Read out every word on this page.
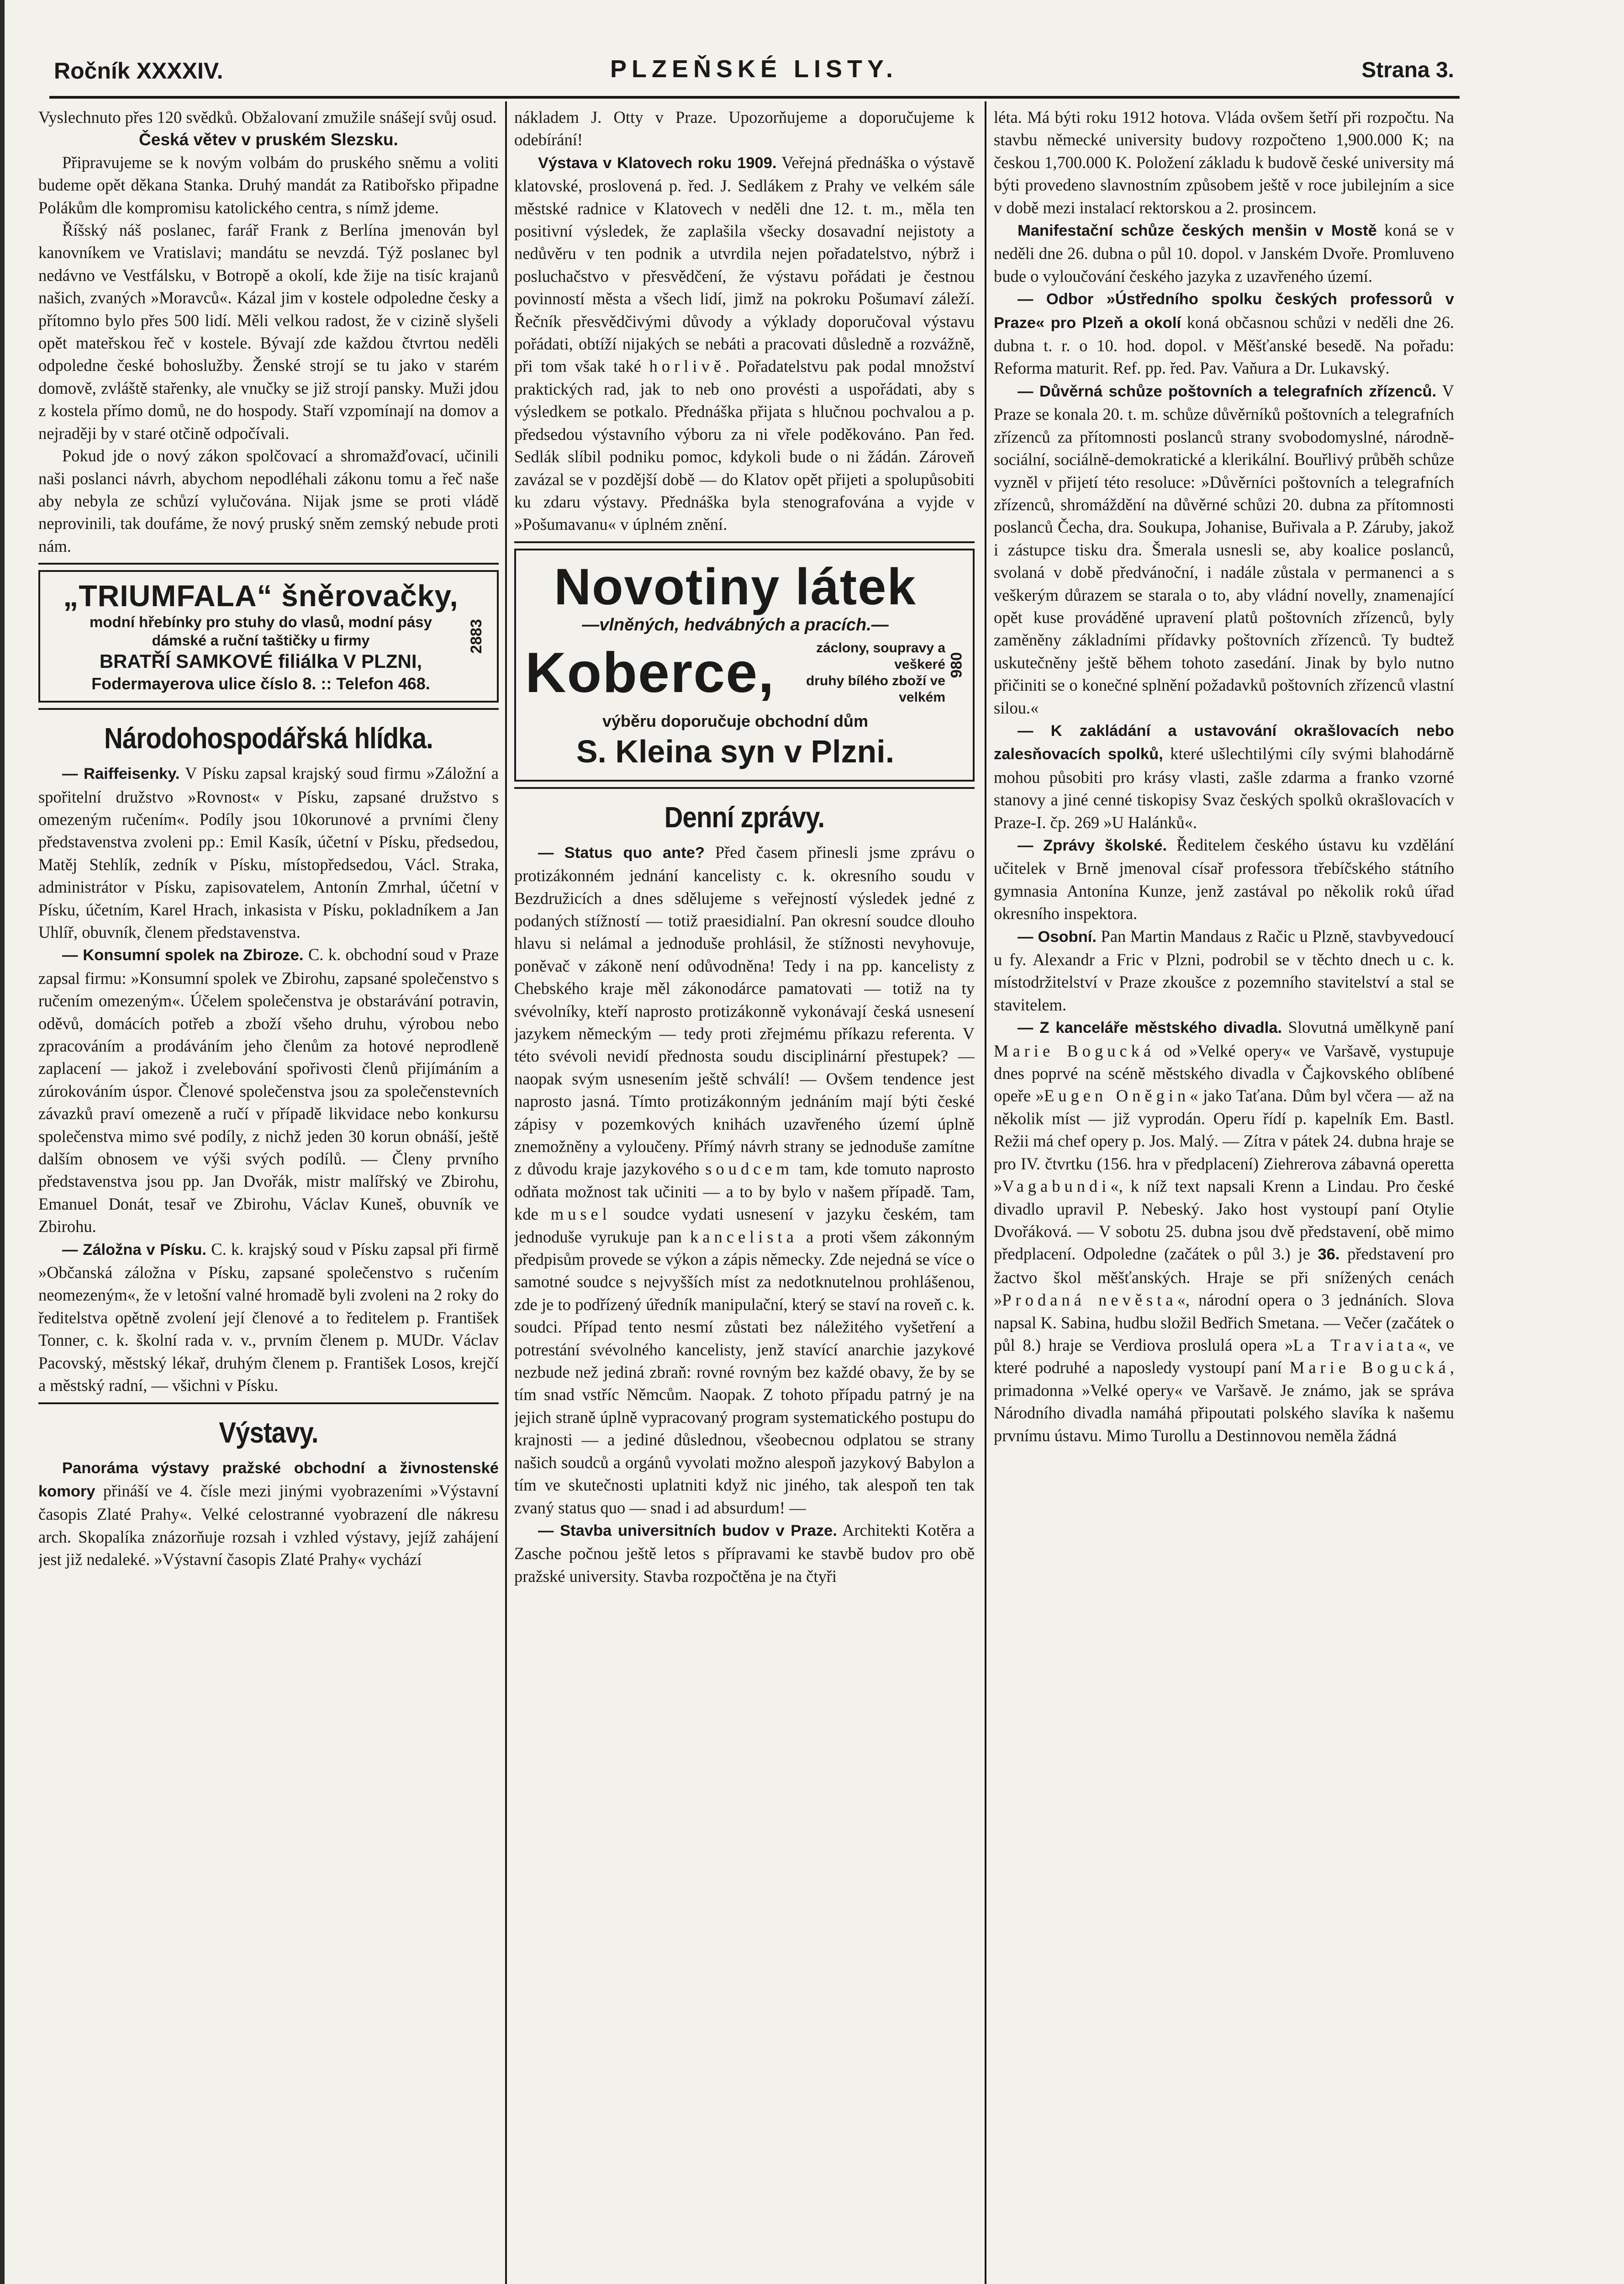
Ročník XXXXIV.	PLZEŇSKÉ LISTY.	Strana 3.

Vyslechnuto přes 120 svědků. Obžalovaní zmužile snášejí svůj osud.

Česká větev v pruském Slezsku.

Připravujeme se k novým volbám do pruského sněmu a voliti budeme opět děkana Stanka. Druhý mandát za Ratibořsko připadne Polákům dle kompromisu katolického centra, s nímž jdeme.

Říšský náš poslanec, farář Frank z Berlína jmenován byl kanovníkem ve Vratislavi; mandátu se nevzdá. Týž poslanec byl nedávno ve Vestfálsku, v Botropě a okolí, kde žije na tisíc krajanů našich, zvaných »Moravců«. Kázal jim v kostele odpoledne česky a přítomno bylo přes 500 lidí. Měli velkou radost, že v cizině slyšeli opět mateřskou řeč v kostele. Bývají zde každou čtvrtou neděli odpoledne české bohoslužby. Ženské strojí se tu jako v starém domově, zvláště stařenky, ale vnučky se již strojí pansky. Muži jdou z kostela přímo domů, ne do hospody. Staří vzpomínají na domov a nejraději by v staré otčině odpočívali.

Pokud jde o nový zákon spolčovací a shromažďovací, učinili naši poslanci návrh, abychom nepodléhali zákonu tomu a řeč naše aby nebyla ze schůzí vylučována. Nijak jsme se proti vládě neprovinili, tak doufáme, že nový pruský sněm zemský nebude proti nám.

„TRIUMFALA“ šněrovačky,
modní hřebínky pro stuhy do vlasů, modní pásy
dámské a ruční taštičky u firmy
BRATŘÍ SAMKOVÉ filiálka V PLZNI,
Fodermayerova ulice číslo 8. :: Telefon 468.
2883
Národohospodářská hlídka.

— Raiffeisenky. V Písku zapsal krajský soud firmu »Záložní a spořitelní družstvo »Rovnost« v Písku, zapsané družstvo s omezeným ručením«. Podíly jsou 10korunové a prvními členy představenstva zvoleni pp.: Emil Kasík, účetní v Písku, předsedou, Matěj Stehlík, zedník v Písku, místopředsedou, Václ. Straka, administrátor v Písku, zapisovatelem, Antonín Zmrhal, účetní v Písku, účetním, Karel Hrach, inkasista v Písku, pokladníkem a Jan Uhlíř, obuvník, členem představenstva.

— Konsumní spolek na Zbiroze. C. k. obchodní soud v Praze zapsal firmu: »Konsumní spolek ve Zbirohu, zapsané společenstvo s ručením omezeným«. Účelem společenstva je obstarávání potravin, oděvů, domácích potřeb a zboží všeho druhu, výrobou nebo zpracováním a prodáváním jeho členům za hotové neprodleně zaplacení — jakož i zvelebování spořivosti členů přijímáním a zúrokováním úspor. Členové společenstva jsou za společenstevních závazků praví omezeně a ručí v případě likvidace nebo konkursu společenstva mimo své podíly, z nichž jeden 30 korun obnáší, ještě dalším obnosem ve výši svých podílů. — Členy prvního představenstva jsou pp. Jan Dvořák, mistr malířský ve Zbirohu, Emanuel Donát, tesař ve Zbirohu, Václav Kuneš, obuvník ve Zbirohu.

— Záložna v Písku. C. k. krajský soud v Písku zapsal při firmě »Občanská záložna v Písku, zapsané společenstvo s ručením neomezeným«, že v letošní valné hromadě byli zvoleni na 2 roky do ředitelstva opětně zvolení její členové a to ředitelem p. František Tonner, c. k. školní rada v. v., prvním členem p. MUDr. Václav Pacovský, městský lékař, druhým členem p. František Losos, krejčí a městský radní, — všichni v Písku.

Výstavy.

Panoráma výstavy pražské obchodní a živnostenské komory přináší ve 4. čísle mezi jinými vyobrazeními »Výstavní časopis Zlaté Prahy«. Velké celostranné vyobrazení dle nákresu arch. Skopalíka znázorňuje rozsah i vzhled výstavy, jejíž zahájení jest již nedaleké. »Výstavní časopis Zlaté Prahy« vychází

nákladem J. Otty v Praze. Upozorňujeme a doporučujeme k odebírání!

Výstava v Klatovech roku 1909. Veřejná přednáška o výstavě klatovské, proslovená p. řed. J. Sedlákem z Prahy ve velkém sále městské radnice v Klatovech v neděli dne 12. t. m., měla ten positivní výsledek, že zaplašila všecky dosavadní nejistoty a nedůvěru v ten podnik a utvrdila nejen pořadatelstvo, nýbrž i posluchačstvo v přesvědčení, že výstavu pořádati je čestnou povinností města a všech lidí, jimž na pokroku Pošumaví záleží. Řečník přesvědčivými důvody a výklady doporučoval výstavu pořádati, obtíží nijakých se nebáti a pracovati důsledně a rozvážně, při tom však také horlivě. Pořadatelstvu pak podal množství praktických rad, jak to neb ono provésti a uspořádati, aby s výsledkem se potkalo. Přednáška přijata s hlučnou pochvalou a p. předsedou výstavního výboru za ni vřele poděkováno. Pan řed. Sedlák slíbil podniku pomoc, kdykoli bude o ni žádán. Zároveň zavázal se v pozdější době — do Klatov opět přijeti a spolupůsobiti ku zdaru výstavy. Přednáška byla stenografována a vyjde v »Pošumavanu« v úplném znění.

Novotiny látek
—vlněných, hedvábných a pracích.—
Koberce,	záclony, soupravy a veškeré
druhy bílého zboží ve velkém
výběru doporučuje obchodní dům
S. Kleina syn v Plzni.
980
Denní zprávy.

— Status quo ante? Před časem přinesli jsme zprávu o protizákonném jednání kancelisty c. k. okresního soudu v Bezdružicích a dnes sdělujeme s veřejností výsledek jedné z podaných stížností — totiž praesidialní. Pan okresní soudce dlouho hlavu si nelámal a jednoduše prohlásil, že stížnosti nevyhovuje, poněvač v zákoně není odůvodněna! Tedy i na pp. kancelisty z Chebského kraje měl zákonodárce pamatovati — totiž na ty svévolníky, kteří naprosto protizákonně vykonávají česká usnesení jazykem německým — tedy proti zřejmému příkazu referenta. V této svévoli nevidí přednosta soudu disciplinární přestupek? — naopak svým usnesením ještě schválí! — Ovšem tendence jest naprosto jasná. Tímto protizákonným jednáním mají býti české zápisy v pozemkových knihách uzavřeného území úplně znemožněny a vyloučeny. Přímý návrh strany se jednoduše zamítne z důvodu kraje jazykového soudcem tam, kde tomuto naprosto odňata možnost tak učiniti — a to by bylo v našem případě. Tam, kde musel soudce vydati usnesení v jazyku českém, tam jednoduše vyrukuje pan kancelista a proti všem zákonným předpisům provede se výkon a zápis německy. Zde nejedná se více o samotné soudce s nejvyšších míst za nedotknutelnou prohlášenou, zde je to podřízený úředník manipulační, který se staví na roveň c. k. soudci. Případ tento nesmí zůstati bez náležitého vyšetření a potrestání svévolného kancelisty, jenž stavící anarchie jazykové nezbude než jediná zbraň: rovné rovným bez každé obavy, že by se tím snad vstříc Němcům. Naopak. Z tohoto případu patrný je na jejich straně úplně vypracovaný program systematického postupu do krajnosti — a jediné důslednou, všeobecnou odplatou se strany našich soudců a orgánů vyvolati možno alespoň jazykový Babylon a tím ve skutečnosti uplatniti když nic jiného, tak alespoň ten tak zvaný status quo — snad i ad absurdum! —

— Stavba universitních budov v Praze. Architekti Kotěra a Zasche počnou ještě letos s přípravami ke stavbě budov pro obě pražské university. Stavba rozpočtěna je na čtyři

léta. Má býti roku 1912 hotova. Vláda ovšem šetří při rozpočtu. Na stavbu německé university budovy rozpočteno 1,900.000 K; na českou 1,700.000 K. Položení základu k budově české university má býti provedeno slavnostním způsobem ještě v roce jubilejním a sice v době mezi instalací rektorskou a 2. prosincem.

Manifestační schůze českých menšin v Mostě koná se v neděli dne 26. dubna o půl 10. dopol. v Janském Dvoře. Promluveno bude o vyloučování českého jazyka z uzavřeného území.

— Odbor »Ústředního spolku českých professorů v Praze« pro Plzeň a okolí koná občasnou schůzi v neděli dne 26. dubna t. r. o 10. hod. dopol. v Měšťanské besedě. Na pořadu: Reforma maturit. Ref. pp. řed. Pav. Vaňura a Dr. Lukavský.

— Důvěrná schůze poštovních a telegrafních zřízenců. V Praze se konala 20. t. m. schůze důvěrníků poštovních a telegrafních zřízenců za přítomnosti poslanců strany svobodomyslné, národně-sociální, sociálně-demokratické a klerikální. Bouřlivý průběh schůze vyzněl v přijetí této resoluce: »Důvěrníci poštovních a telegrafních zřízenců, shromáždění na důvěrné schůzi 20. dubna za přítomnosti poslanců Čecha, dra. Soukupa, Johanise, Buřivala a P. Záruby, jakož i zástupce tisku dra. Šmerala usnesli se, aby koalice poslanců, svolaná v době předvánoční, i nadále zůstala v permanenci a s veškerým důrazem se starala o to, aby vládní novelly, znamenající opět kuse prováděné upravení platů poštovních zřízenců, byly zaměněny základními přídavky poštovních zřízenců. Ty budtež uskutečněny ještě během tohoto zasedání. Jinak by bylo nutno přičiniti se o konečné splnění požadavků poštovních zřízenců vlastní silou.«

— K zakládání a ustavování okrašlovacích nebo zalesňovacích spolků, které ušlechtilými cíly svými blahodárně mohou působiti pro krásy vlasti, zašle zdarma a franko vzorné stanovy a jiné cenné tiskopisy Svaz českých spolků okrašlovacích v Praze-I. čp. 269 »U Halánků«.

— Zprávy školské. Ředitelem českého ústavu ku vzdělání učitelek v Brně jmenoval císař professora třebíčského státního gymnasia Antonína Kunze, jenž zastával po několik roků úřad okresního inspektora.

— Osobní. Pan Martin Mandaus z Račic u Plzně, stavbyvedoucí u fy. Alexandr a Fric v Plzni, podrobil se v těchto dnech u c. k. místodržitelství v Praze zkoušce z pozemního stavitelství a stal se stavitelem.

— Z kanceláře městského divadla. Slovutná umělkyně paní Marie Bogucká od »Velké opery« ve Varšavě, vystupuje dnes poprvé na scéně městského divadla v Čajkovského oblíbené opeře »Eugen Oněgin« jako Taťana. Dům byl včera — až na několik míst — již vyprodán. Operu řídí p. kapelník Em. Bastl. Režii má chef opery p. Jos. Malý. — Zítra v pátek 24. dubna hraje se pro IV. čtvrtku (156. hra v předplacení) Ziehrerova zábavná operetta »Vagabundi«, k níž text napsali Krenn a Lindau. Pro české divadlo upravil P. Nebeský. Jako host vystoupí paní Otylie Dvořáková. — V sobotu 25. dubna jsou dvě představení, obě mimo předplacení. Odpoledne (začátek o půl 3.) je 36. představení pro žactvo škol měšťanských. Hraje se při snížených cenách »Prodaná nevěsta«, národní opera o 3 jednáních. Slova napsal K. Sabina, hudbu složil Bedřich Smetana. — Večer (začátek o půl 8.) hraje se Verdiova proslulá opera »La Traviata«, ve které podruhé a naposledy vystoupí paní Marie Bogucká, primadonna »Velké opery« ve Varšavě. Je známo, jak se správa Národního divadla namáhá připoutati polského slavíka k našemu prvnímu ústavu. Mimo Turollu a Destinnovou neměla žádná
